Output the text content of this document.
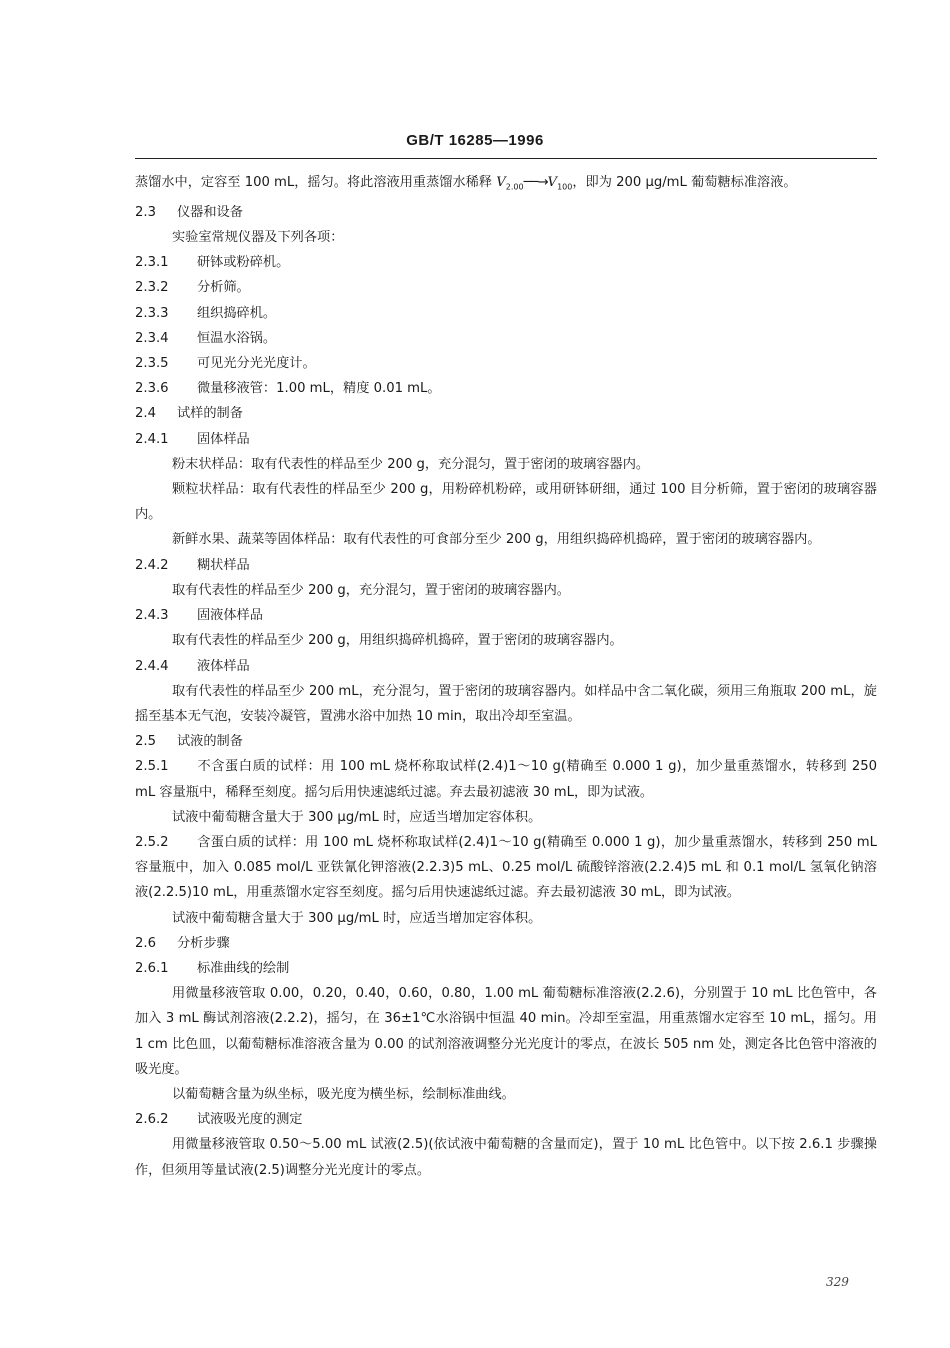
GB/T 16285—1996

蒸馏水中，定容至 100 mL，摇匀。将此溶液用重蒸馏水稀释 $V_{2.00}──\to V_{100}$，即为 200 μg/mL 葡萄糖标准溶液。

2.3 仪器和设备

实验室常规仪器及下列各项：

2.3.1 研钵或粉碎机。

2.3.2 分析筛。

2.3.3 组织捣碎机。

2.3.4 恒温水浴锅。

2.3.5 可见光分光光度计。

2.3.6 微量移液管：1.00 mL，精度 0.01 mL。

2.4 试样的制备

2.4.1 固体样品

粉末状样品：取有代表性的样品至少 200 g，充分混匀，置于密闭的玻璃容器内。

颗粒状样品：取有代表性的样品至少 200 g，用粉碎机粉碎，或用研钵研细，通过 100 目分析筛，置于密闭的玻璃容器内。

新鲜水果、蔬菜等固体样品：取有代表性的可食部分至少 200 g，用组织捣碎机捣碎，置于密闭的玻璃容器内。

2.4.2 糊状样品

取有代表性的样品至少 200 g，充分混匀，置于密闭的玻璃容器内。

2.4.3 固液体样品

取有代表性的样品至少 200 g，用组织捣碎机捣碎，置于密闭的玻璃容器内。

2.4.4 液体样品

取有代表性的样品至少 200 mL，充分混匀，置于密闭的玻璃容器内。如样品中含二氧化碳，须用三角瓶取 200 mL，旋摇至基本无气泡，安装冷凝管，置沸水浴中加热 10 min，取出冷却至室温。

2.5 试液的制备

2.5.1 不含蛋白质的试样：用 100 mL 烧杯称取试样(2.4)1～10 g(精确至 0.000 1 g)，加少量重蒸馏水，转移到 250 mL 容量瓶中，稀释至刻度。摇匀后用快速滤纸过滤。弃去最初滤液 30 mL，即为试液。

试液中葡萄糖含量大于 300 μg/mL 时，应适当增加定容体积。

2.5.2 含蛋白质的试样：用 100 mL 烧杯称取试样(2.4)1～10 g(精确至 0.000 1 g)，加少量重蒸馏水，转移到 250 mL 容量瓶中，加入 0.085 mol/L 亚铁氰化钾溶液(2.2.3)5 mL、0.25 mol/L 硫酸锌溶液(2.2.4)5 mL 和 0.1 mol/L 氢氧化钠溶液(2.2.5)10 mL，用重蒸馏水定容至刻度。摇匀后用快速滤纸过滤。弃去最初滤液 30 mL，即为试液。

试液中葡萄糖含量大于 300 μg/mL 时，应适当增加定容体积。

2.6 分析步骤

2.6.1 标准曲线的绘制

用微量移液管取 0.00，0.20，0.40，0.60，0.80，1.00 mL 葡萄糖标准溶液(2.2.6)，分别置于 10 mL 比色管中，各加入 3 mL 酶试剂溶液(2.2.2)，摇匀，在 36±1℃水浴锅中恒温 40 min。冷却至室温，用重蒸馏水定容至 10 mL，摇匀。用 1 cm 比色皿，以葡萄糖标准溶液含量为 0.00 的试剂溶液调整分光光度计的零点，在波长 505 nm 处，测定各比色管中溶液的吸光度。

以葡萄糖含量为纵坐标，吸光度为横坐标，绘制标准曲线。

2.6.2 试液吸光度的测定

用微量移液管取 0.50～5.00 mL 试液(2.5)(依试液中葡萄糖的含量而定)，置于 10 mL 比色管中。以下按 2.6.1 步骤操作，但须用等量试液(2.5)调整分光光度计的零点。

329
